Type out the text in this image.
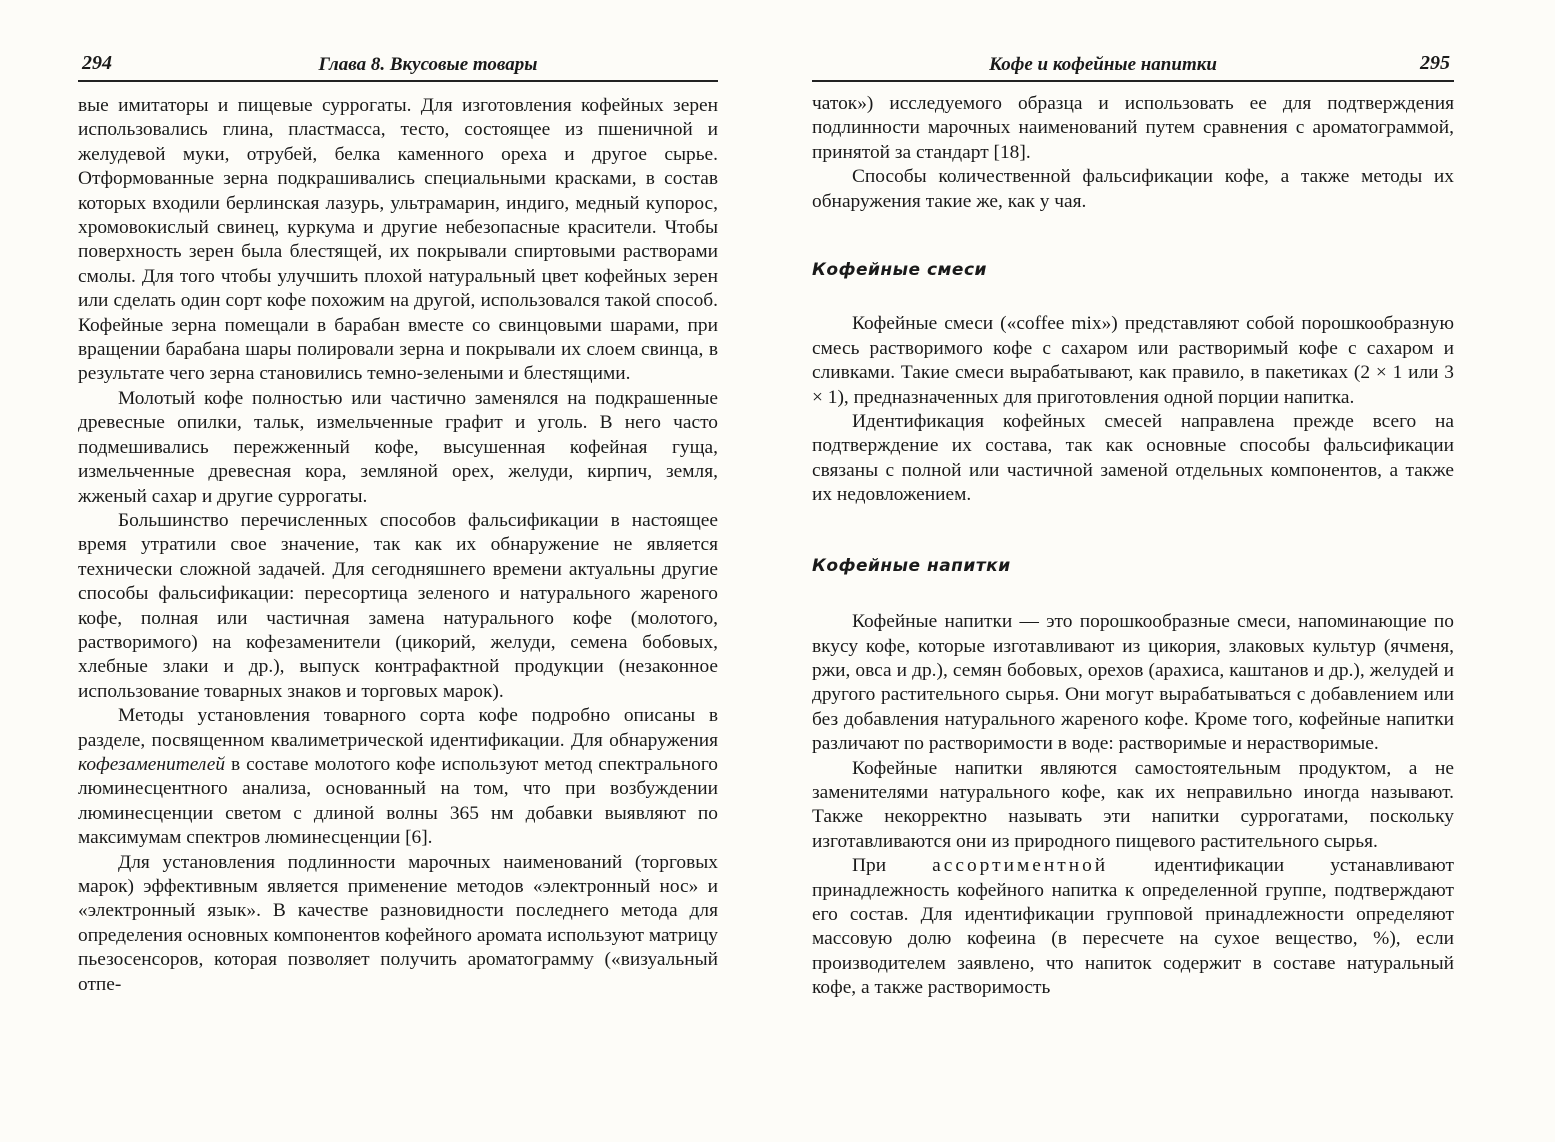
294	Глава 8. Вкусовые товары

вые имитаторы и пищевые суррогаты. Для изготовления кофейных зерен использовались глина, пластмасса, тесто, состоящее из пшеничной и желудевой муки, отрубей, белка каменного ореха и другое сырье. Отформованные зерна подкрашивались специальными красками, в состав которых входили берлинская лазурь, ультрамарин, индиго, медный купорос, хромовокислый свинец, куркума и другие небезопасные красители. Чтобы поверхность зерен была блестящей, их покрывали спиртовыми растворами смолы. Для того чтобы улучшить плохой натуральный цвет кофейных зерен или сделать один сорт кофе похожим на другой, использовался такой способ. Кофейные зерна помещали в барабан вместе со свинцовыми шарами, при вращении барабана шары полировали зерна и покрывали их слоем свинца, в результате чего зерна становились темно-зелеными и блестящими.

Молотый кофе полностью или частично заменялся на подкрашенные древесные опилки, тальк, измельченные графит и уголь. В него часто подмешивались пережженный кофе, высушенная кофейная гуща, измельченные древесная кора, земляной орех, желуди, кирпич, земля, жженый сахар и другие суррогаты.

Большинство перечисленных способов фальсификации в настоящее время утратили свое значение, так как их обнаружение не является технически сложной задачей. Для сегодняшнего времени актуальны другие способы фальсификации: пересортица зеленого и натурального жареного кофе, полная или частичная замена натурального кофе (молотого, растворимого) на кофезаменители (цикорий, желуди, семена бобовых, хлебные злаки и др.), выпуск контрафактной продукции (незаконное использование товарных знаков и торговых марок).

Методы установления товарного сорта кофе подробно описаны в разделе, посвященном квалиметрической идентификации. Для обнаружения кофезаменителей в составе молотого кофе используют метод спектрального люминесцентного анализа, основанный на том, что при возбуждении люминесценции светом с длиной волны 365 нм добавки выявляют по максимумам спектров люминесценции [6].

Для установления подлинности марочных наименований (торговых марок) эффективным является применение методов «электронный нос» и «электронный язык». В качестве разновидности последнего метода для определения основных компонентов кофейного аромата используют матрицу пьезосенсоров, которая позволяет получить ароматограмму («визуальный отпе-

Кофе и кофейные напитки	295

чаток») исследуемого образца и использовать ее для подтверждения подлинности марочных наименований путем сравнения с ароматограммой, принятой за стандарт [18].

Способы количественной фальсификации кофе, а также методы их обнаружения такие же, как у чая.

Кофейные смеси

Кофейные смеси («coffee mix») представляют собой порошкообразную смесь растворимого кофе с сахаром или растворимый кофе с сахаром и сливками. Такие смеси вырабатывают, как правило, в пакетиках (2 × 1 или 3 × 1), предназначенных для приготовления одной порции напитка.

Идентификация кофейных смесей направлена прежде всего на подтверждение их состава, так как основные способы фальсификации связаны с полной или частичной заменой отдельных компонентов, а также их недовложением.

Кофейные напитки

Кофейные напитки — это порошкообразные смеси, напоминающие по вкусу кофе, которые изготавливают из цикория, злаковых культур (ячменя, ржи, овса и др.), семян бобовых, орехов (арахиса, каштанов и др.), желудей и другого растительного сырья. Они могут вырабатываться с добавлением или без добавления натурального жареного кофе. Кроме того, кофейные напитки различают по растворимости в воде: растворимые и нерастворимые.

Кофейные напитки являются самостоятельным продуктом, а не заменителями натурального кофе, как их неправильно иногда называют. Также некорректно называть эти напитки суррогатами, поскольку изготавливаются они из природного пищевого растительного сырья.

При ассортиментной идентификации устанавливают принадлежность кофейного напитка к определенной группе, подтверждают его состав. Для идентификации групповой принадлежности определяют массовую долю кофеина (в пересчете на сухое вещество, %), если производителем заявлено, что напиток содержит в составе натуральный кофе, а также растворимость
